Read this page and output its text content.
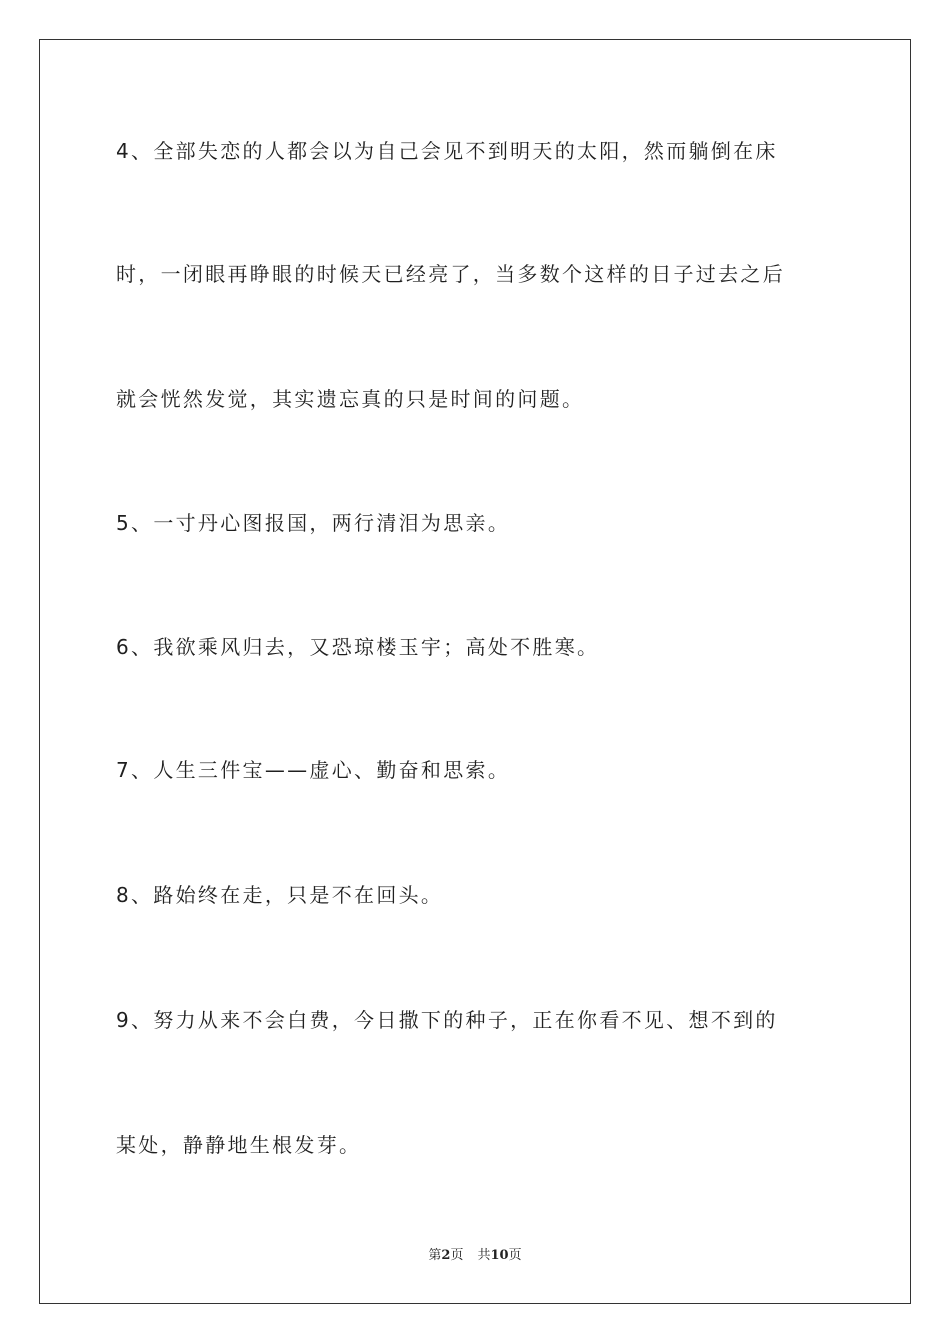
4、全部失恋的人都会以为自己会见不到明天的太阳，然而躺倒在床
时，一闭眼再睁眼的时候天已经亮了，当多数个这样的日子过去之后
就会恍然发觉，其实遗忘真的只是时间的问题。
5、一寸丹心图报国，两行清泪为思亲。
6、我欲乘风归去，又恐琼楼玉宇；高处不胜寒。
7、人生三件宝——虚心、勤奋和思索。
8、路始终在走，只是不在回头。
9、努力从来不会白费，今日撒下的种子，正在你看不见、想不到的
某处，静静地生根发芽。
第2页 共10页
